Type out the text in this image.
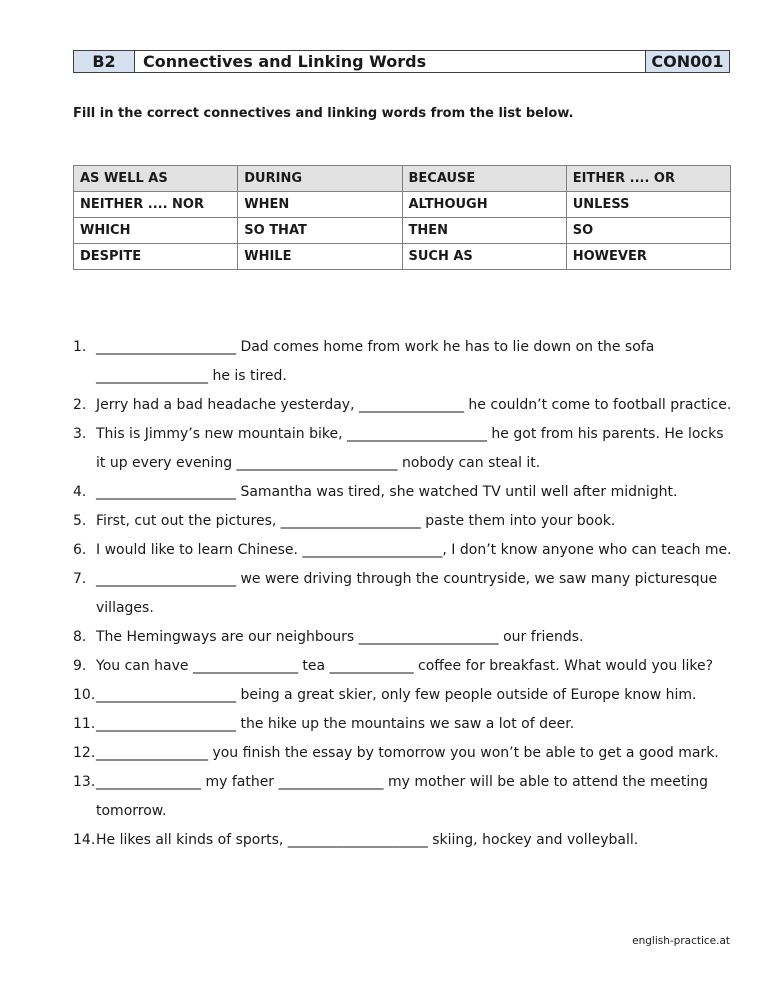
B2	Connectives and Linking Words	CON001
Fill in the correct connectives and linking words from the list below.
AS WELL AS	DURING	BECAUSE	EITHER .... OR
NEITHER .... NOR	WHEN	ALTHOUGH	UNLESS
WHICH	SO THAT	THEN	SO
DESPITE	WHILE	SUCH AS	HOWEVER
1. ____________________ Dad comes home from work he has to lie down on the sofa ________________ he is tired.
2. Jerry had a bad headache yesterday, _______________ he couldn’t come to football practice.
3. This is Jimmy’s new mountain bike, ____________________ he got from his parents. He locks it up every evening _______________________ nobody can steal it.
4. ____________________ Samantha was tired, she watched TV until well after midnight.
5. First, cut out the pictures, ____________________ paste them into your book.
6. I would like to learn Chinese. ____________________, I don’t know anyone who can teach me.
7. ____________________ we were driving through the countryside, we saw many picturesque villages.
8. The Hemingways are our neighbours ____________________ our friends.
9. You can have _______________ tea ____________ coffee for breakfast. What would you like?
10. ____________________ being a great skier, only few people outside of Europe know him.
11. ____________________ the hike up the mountains we saw a lot of deer.
12. ________________ you finish the essay by tomorrow you won’t be able to get a good mark.
13. _______________ my father _______________ my mother will be able to attend the meeting tomorrow.
14. He likes all kinds of sports, ____________________ skiing, hockey and volleyball.
english-practice.at
